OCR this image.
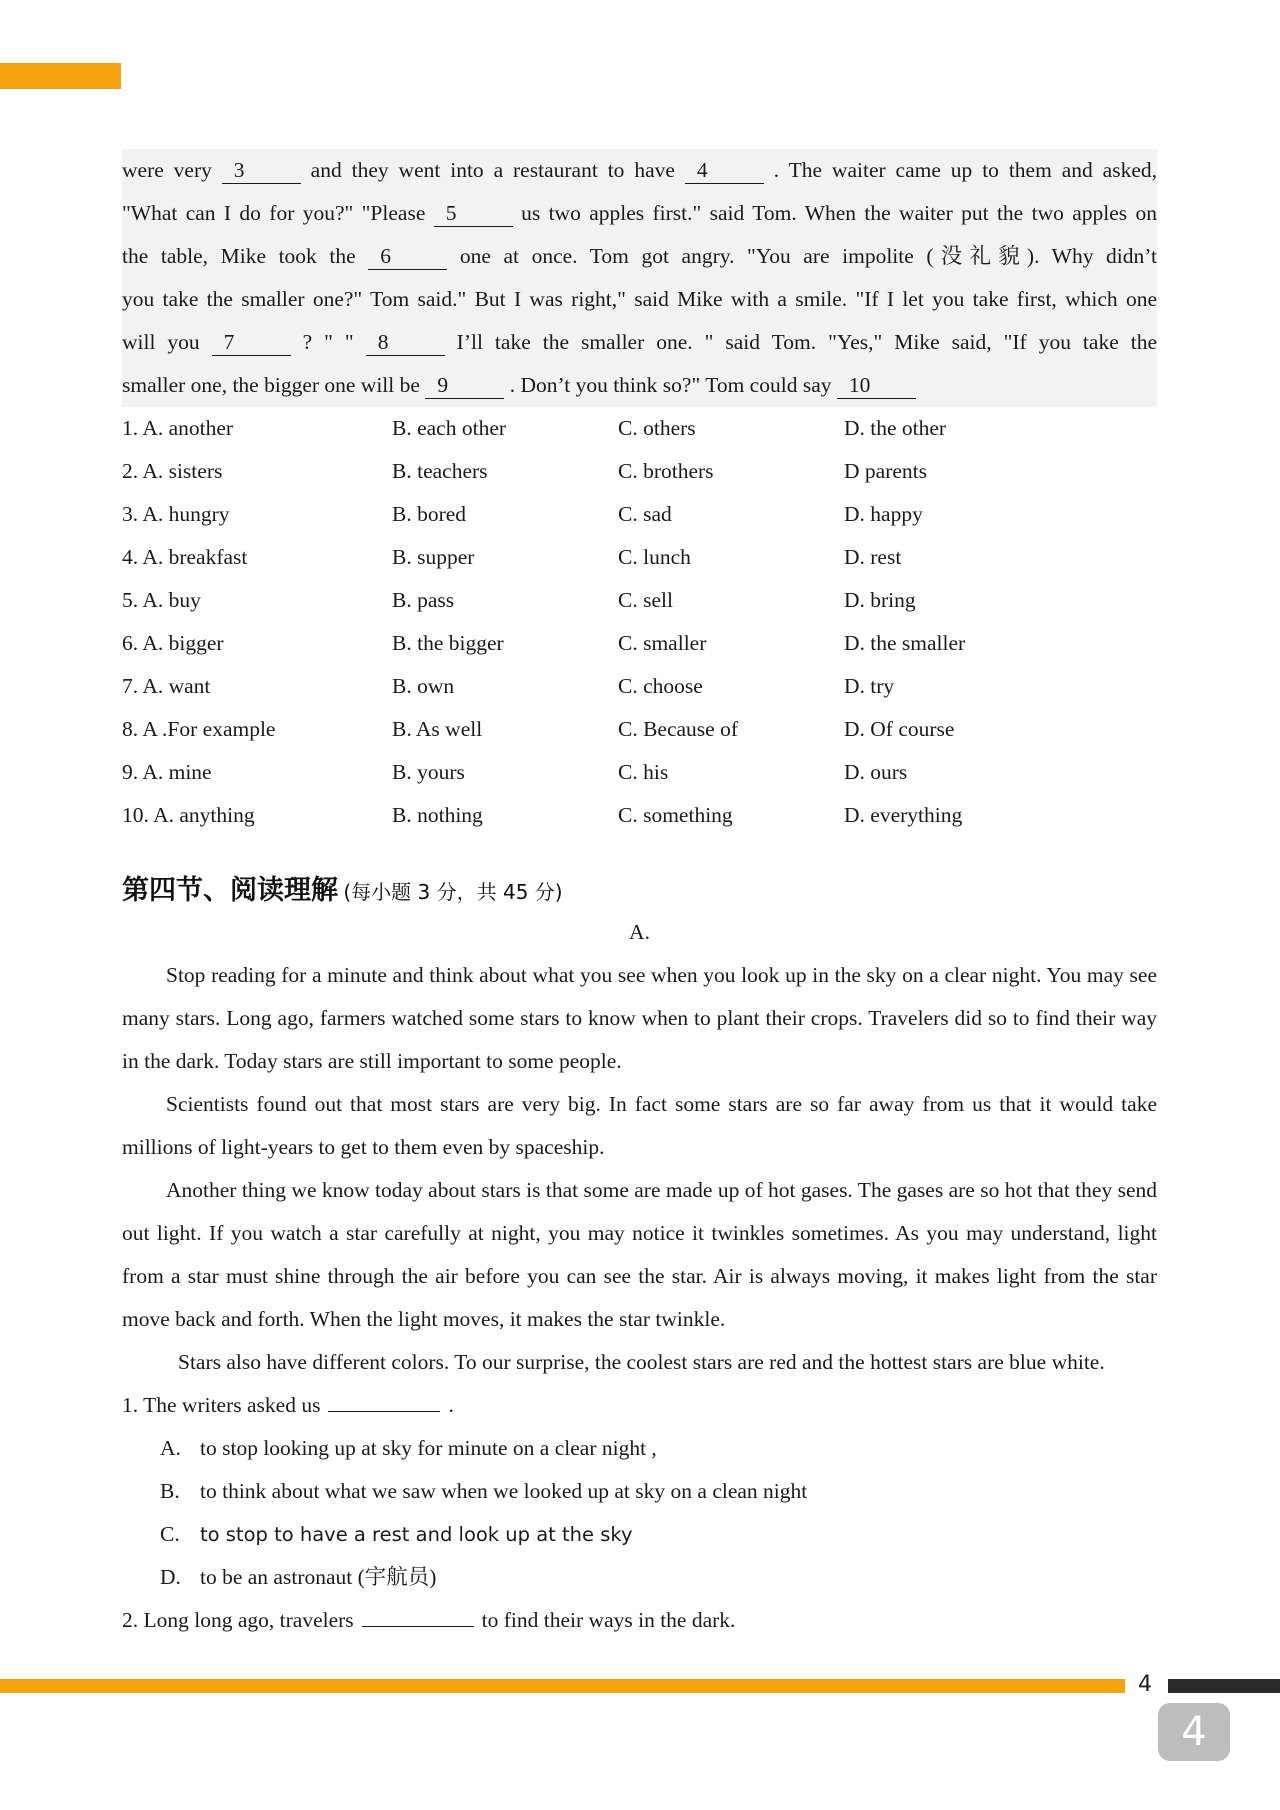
were very 3	and they went into a restaurant to have 4	. The waiter came up to them and asked,

"What can I do for you?" "Please 5	us two apples first." said Tom. When the waiter put the two apples on

the table, Mike took the 6	one at once. Tom got angry. "You are impolite (没礼貌). Why didn’t

you take the smaller one?" Tom said." But I was right," said Mike with a smile. "If I let you take first, which one

will you 7	? " " 8	I’ll take the smaller one. " said Tom. "Yes," Mike said, "If you take the

smaller one, the bigger one will be 9	. Don’t you think so?" Tom could say 10

1. A. another	B. each other	C. others	D. the other
2. A. sisters	B. teachers	C. brothers	D parents
3. A. hungry	B. bored	C. sad	D. happy
4. A. breakfast	B. supper	C. lunch	D. rest
5. A. buy	B. pass	C. sell	D. bring
6. A. bigger	B. the bigger	C. smaller	D. the smaller
7. A. want	B. own	C. choose	D. try
8. A .For example	B. As well	C. Because of	D. Of course
9. A. mine	B. yours	C. his	D. ours
10. A. anything	B. nothing	C. something	D. everything
第四节、阅读理解 (每小题 3 分，共 45 分)
A.

Stop reading for a minute and think about what you see when you look up in the sky on a clear night. You may see many stars. Long ago, farmers watched some stars to know when to plant their crops. Travelers did so to find their way in the dark. Today stars are still important to some people.

Scientists found out that most stars are very big. In fact some stars are so far away from us that it would take millions of light-years to get to them even by spaceship.

Another thing we know today about stars is that some are made up of hot gases. The gases are so hot that they send out light. If you watch a star carefully at night, you may notice it twinkles sometimes. As you may understand, light from a star must shine through the air before you can see the star. Air is always moving, it makes light from the star move back and forth. When the light moves, it makes the star twinkle.

Stars also have different colors. To our surprise, the coolest stars are red and the hottest stars are blue white.

1. The writers asked us	.

A. to stop looking up at sky for minute on a clear night ,

B. to think about what we saw when we looked up at sky on a clean night

C. to stop to have a rest and look up at the sky

D. to be an astronaut (宇航员)

2. Long long ago, travelers	to find their ways in the dark.

4
4
